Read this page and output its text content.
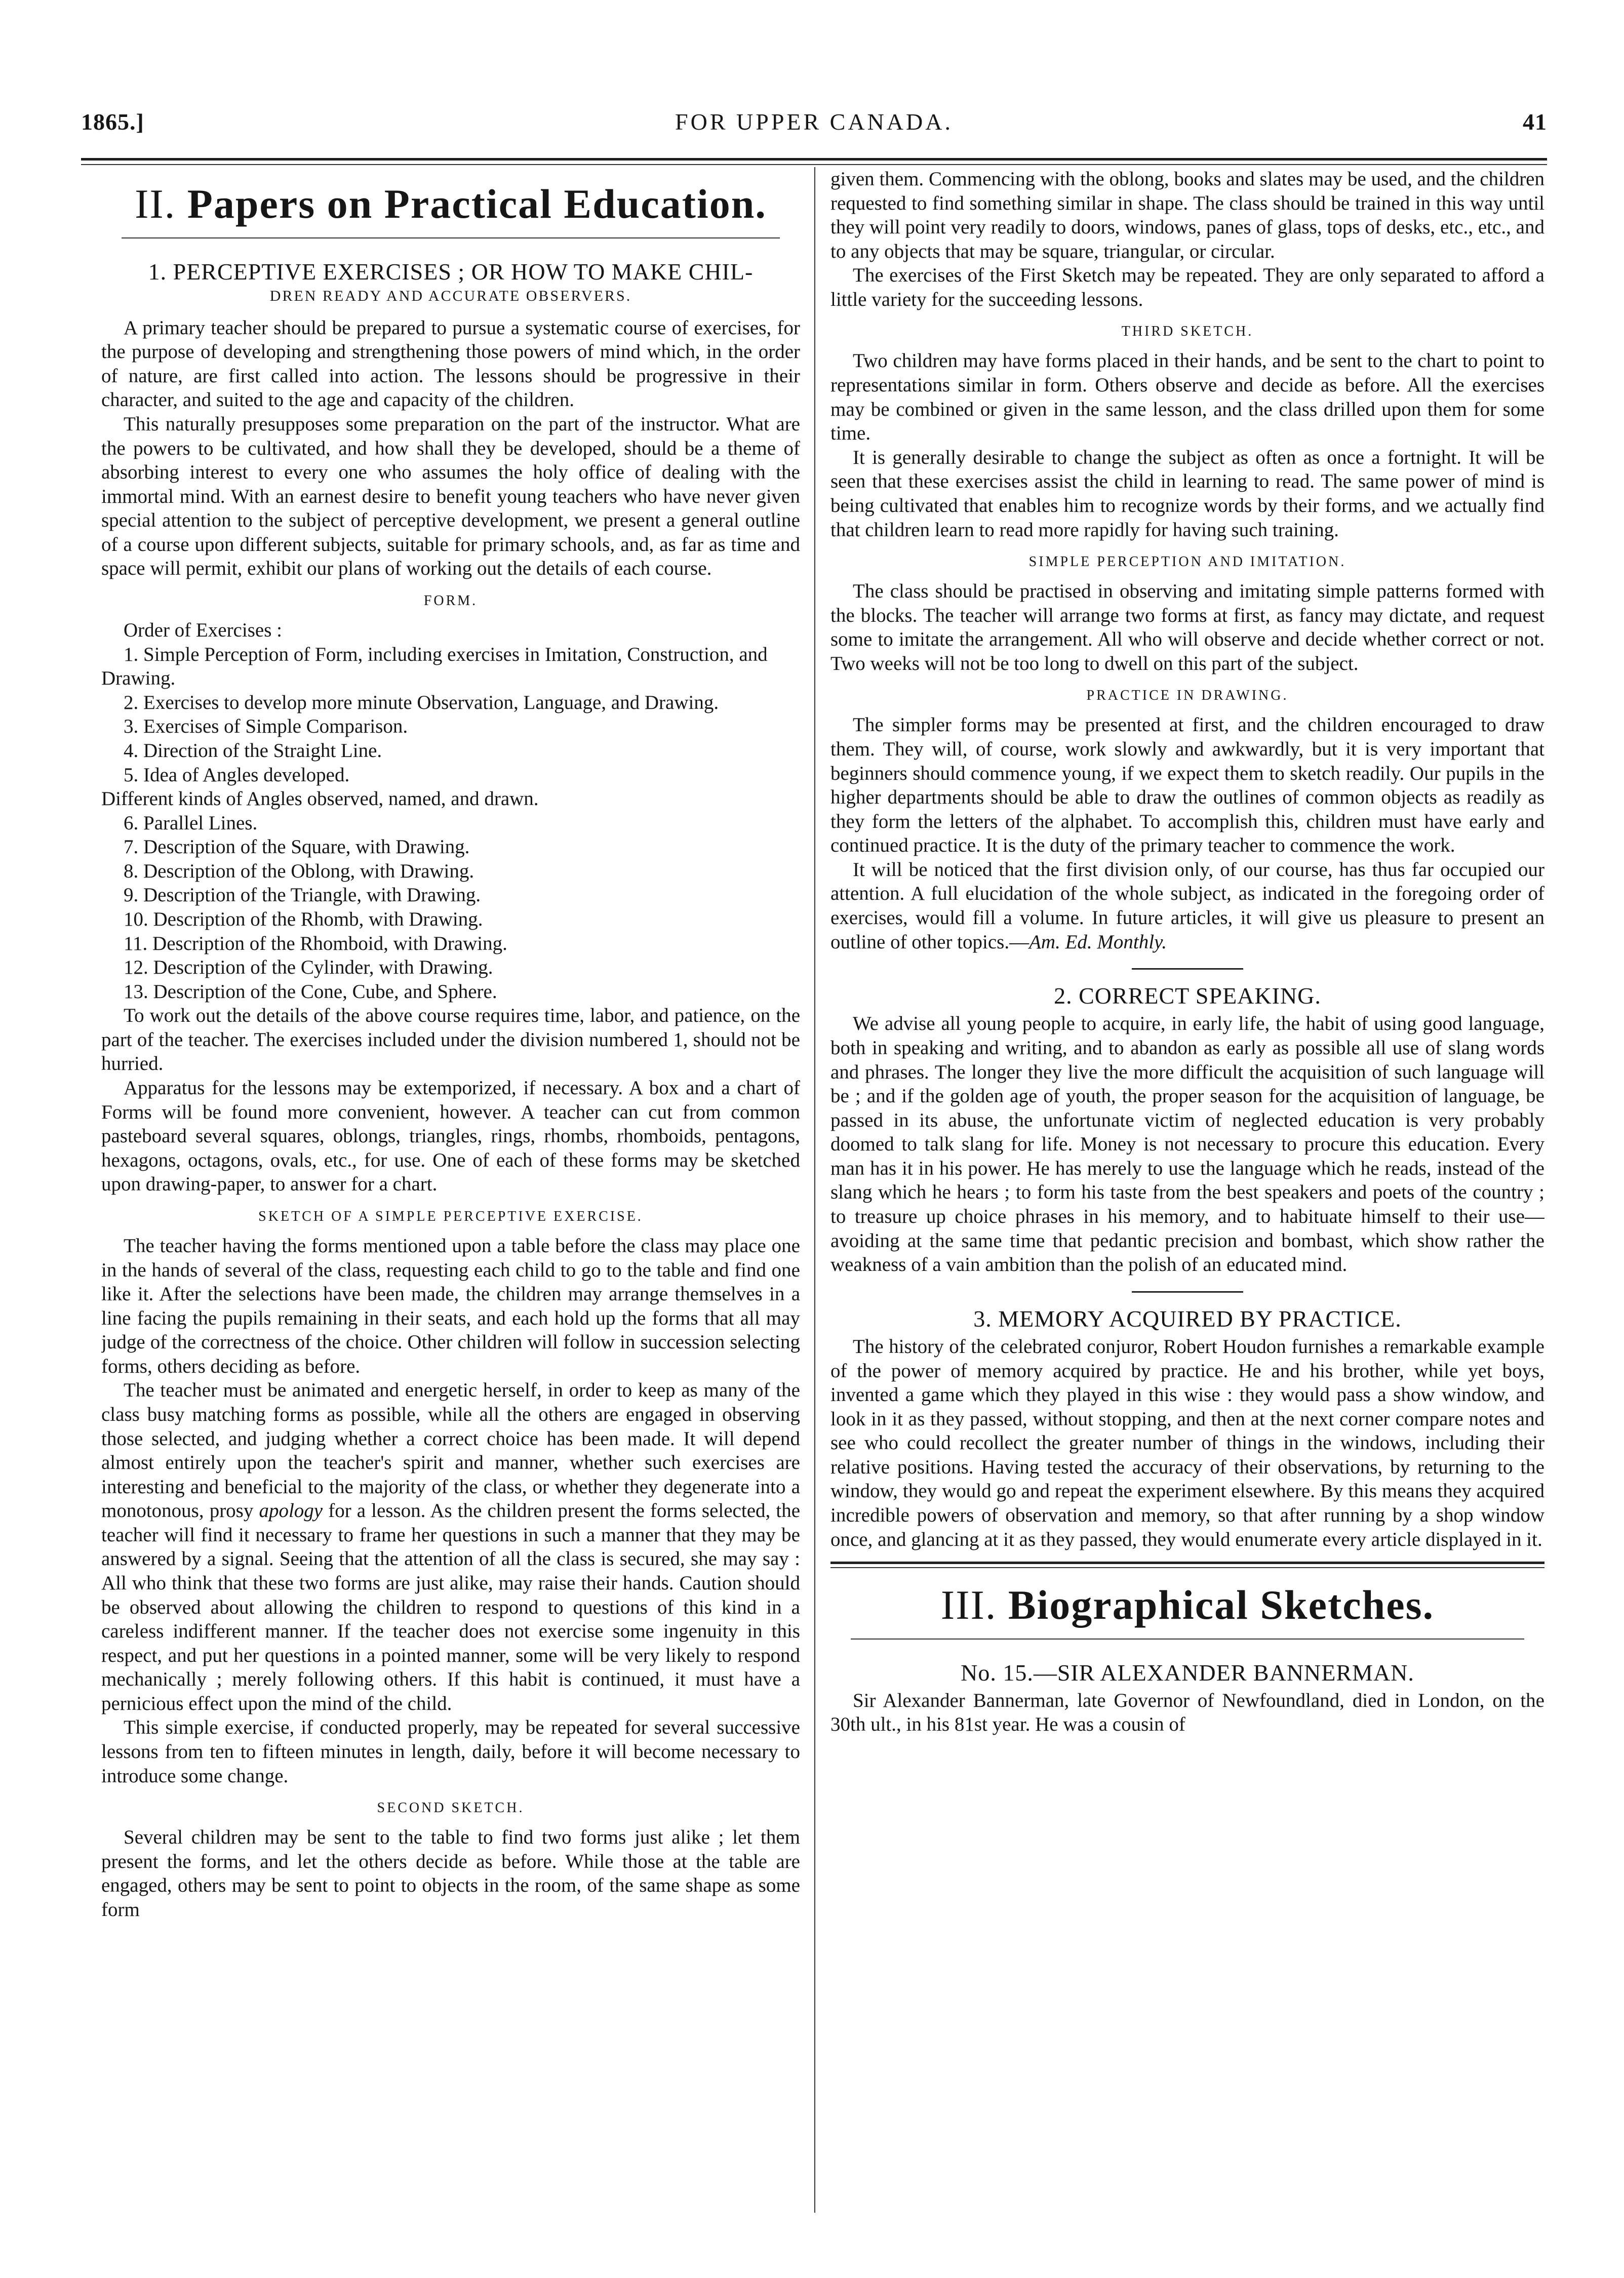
1865.]	FOR UPPER CANADA.	41
II. Papers on Practical Education.
1. PERCEPTIVE EXERCISES ; OR HOW TO MAKE CHIL-
DREN READY AND ACCURATE OBSERVERS.

A primary teacher should be prepared to pursue a systematic course of exercises, for the purpose of developing and strengthening those powers of mind which, in the order of nature, are first called into action. The lessons should be progressive in their character, and suited to the age and capacity of the children.

This naturally presupposes some preparation on the part of the instructor. What are the powers to be cultivated, and how shall they be developed, should be a theme of absorbing interest to every one who assumes the holy office of dealing with the immortal mind. With an earnest desire to benefit young teachers who have never given special attention to the subject of perceptive development, we present a general outline of a course upon different subjects, suitable for primary schools, and, as far as time and space will permit, exhibit our plans of working out the details of each course.

FORM.

Order of Exercises :

1. Simple Perception of Form, including exercises in Imitation, Construction, and Drawing.
2. Exercises to develop more minute Observation, Language, and Drawing.
3. Exercises of Simple Comparison.
4. Direction of the Straight Line.
5. Idea of Angles developed.
Different kinds of Angles observed, named, and drawn.
6. Parallel Lines.
7. Description of the Square, with Drawing.
8. Description of the Oblong, with Drawing.
9. Description of the Triangle, with Drawing.
10. Description of the Rhomb, with Drawing.
11. Description of the Rhomboid, with Drawing.
12. Description of the Cylinder, with Drawing.
13. Description of the Cone, Cube, and Sphere.

To work out the details of the above course requires time, labor, and patience, on the part of the teacher. The exercises included under the division numbered 1, should not be hurried.

Apparatus for the lessons may be extemporized, if necessary. A box and a chart of Forms will be found more convenient, however. A teacher can cut from common pasteboard several squares, oblongs, triangles, rings, rhombs, rhomboids, pentagons, hexagons, octagons, ovals, etc., for use. One of each of these forms may be sketched upon drawing-paper, to answer for a chart.

SKETCH OF A SIMPLE PERCEPTIVE EXERCISE.

The teacher having the forms mentioned upon a table before the class may place one in the hands of several of the class, requesting each child to go to the table and find one like it. After the selections have been made, the children may arrange themselves in a line facing the pupils remaining in their seats, and each hold up the forms that all may judge of the correctness of the choice. Other children will follow in succession selecting forms, others deciding as before.

The teacher must be animated and energetic herself, in order to keep as many of the class busy matching forms as possible, while all the others are engaged in observing those selected, and judging whether a correct choice has been made. It will depend almost entirely upon the teacher's spirit and manner, whether such exercises are interesting and beneficial to the majority of the class, or whether they degenerate into a monotonous, prosy apology for a lesson. As the children present the forms selected, the teacher will find it necessary to frame her questions in such a manner that they may be answered by a signal. Seeing that the attention of all the class is secured, she may say : All who think that these two forms are just alike, may raise their hands. Caution should be observed about allowing the children to respond to questions of this kind in a careless indifferent manner. If the teacher does not exercise some ingenuity in this respect, and put her questions in a pointed manner, some will be very likely to respond mechanically ; merely following others. If this habit is continued, it must have a pernicious effect upon the mind of the child.

This simple exercise, if conducted properly, may be repeated for several successive lessons from ten to fifteen minutes in length, daily, before it will become necessary to introduce some change.

SECOND SKETCH.

Several children may be sent to the table to find two forms just alike ; let them present the forms, and let the others decide as before. While those at the table are engaged, others may be sent to point to objects in the room, of the same shape as some form

given them. Commencing with the oblong, books and slates may be used, and the children requested to find something similar in shape. The class should be trained in this way until they will point very readily to doors, windows, panes of glass, tops of desks, etc., etc., and to any objects that may be square, triangular, or circular.

The exercises of the First Sketch may be repeated. They are only separated to afford a little variety for the succeeding lessons.

THIRD SKETCH.

Two children may have forms placed in their hands, and be sent to the chart to point to representations similar in form. Others observe and decide as before. All the exercises may be combined or given in the same lesson, and the class drilled upon them for some time.

It is generally desirable to change the subject as often as once a fortnight. It will be seen that these exercises assist the child in learning to read. The same power of mind is being cultivated that enables him to recognize words by their forms, and we actually find that children learn to read more rapidly for having such training.

SIMPLE PERCEPTION AND IMITATION.

The class should be practised in observing and imitating simple patterns formed with the blocks. The teacher will arrange two forms at first, as fancy may dictate, and request some to imitate the arrangement. All who will observe and decide whether correct or not. Two weeks will not be too long to dwell on this part of the subject.

PRACTICE IN DRAWING.

The simpler forms may be presented at first, and the children encouraged to draw them. They will, of course, work slowly and awkwardly, but it is very important that beginners should commence young, if we expect them to sketch readily. Our pupils in the higher departments should be able to draw the outlines of common objects as readily as they form the letters of the alphabet. To accomplish this, children must have early and continued practice. It is the duty of the primary teacher to commence the work.

It will be noticed that the first division only, of our course, has thus far occupied our attention. A full elucidation of the whole subject, as indicated in the foregoing order of exercises, would fill a volume. In future articles, it will give us pleasure to present an outline of other topics.—Am. Ed. Monthly.

2. CORRECT SPEAKING.

We advise all young people to acquire, in early life, the habit of using good language, both in speaking and writing, and to abandon as early as possible all use of slang words and phrases. The longer they live the more difficult the acquisition of such language will be ; and if the golden age of youth, the proper season for the acquisition of language, be passed in its abuse, the unfortunate victim of neglected education is very probably doomed to talk slang for life. Money is not necessary to procure this education. Every man has it in his power. He has merely to use the language which he reads, instead of the slang which he hears ; to form his taste from the best speakers and poets of the country ; to treasure up choice phrases in his memory, and to habituate himself to their use—avoiding at the same time that pedantic precision and bombast, which show rather the weakness of a vain ambition than the polish of an educated mind.

3. MEMORY ACQUIRED BY PRACTICE.

The history of the celebrated conjuror, Robert Houdon furnishes a remarkable example of the power of memory acquired by practice. He and his brother, while yet boys, invented a game which they played in this wise : they would pass a show window, and look in it as they passed, without stopping, and then at the next corner compare notes and see who could recollect the greater number of things in the windows, including their relative positions. Having tested the accuracy of their observations, by returning to the window, they would go and repeat the experiment elsewhere. By this means they acquired incredible powers of observation and memory, so that after running by a shop window once, and glancing at it as they passed, they would enumerate every article displayed in it.

III. Biographical Sketches.
No. 15.—SIR ALEXANDER BANNERMAN.

Sir Alexander Bannerman, late Governor of Newfoundland, died in London, on the 30th ult., in his 81st year. He was a cousin of
